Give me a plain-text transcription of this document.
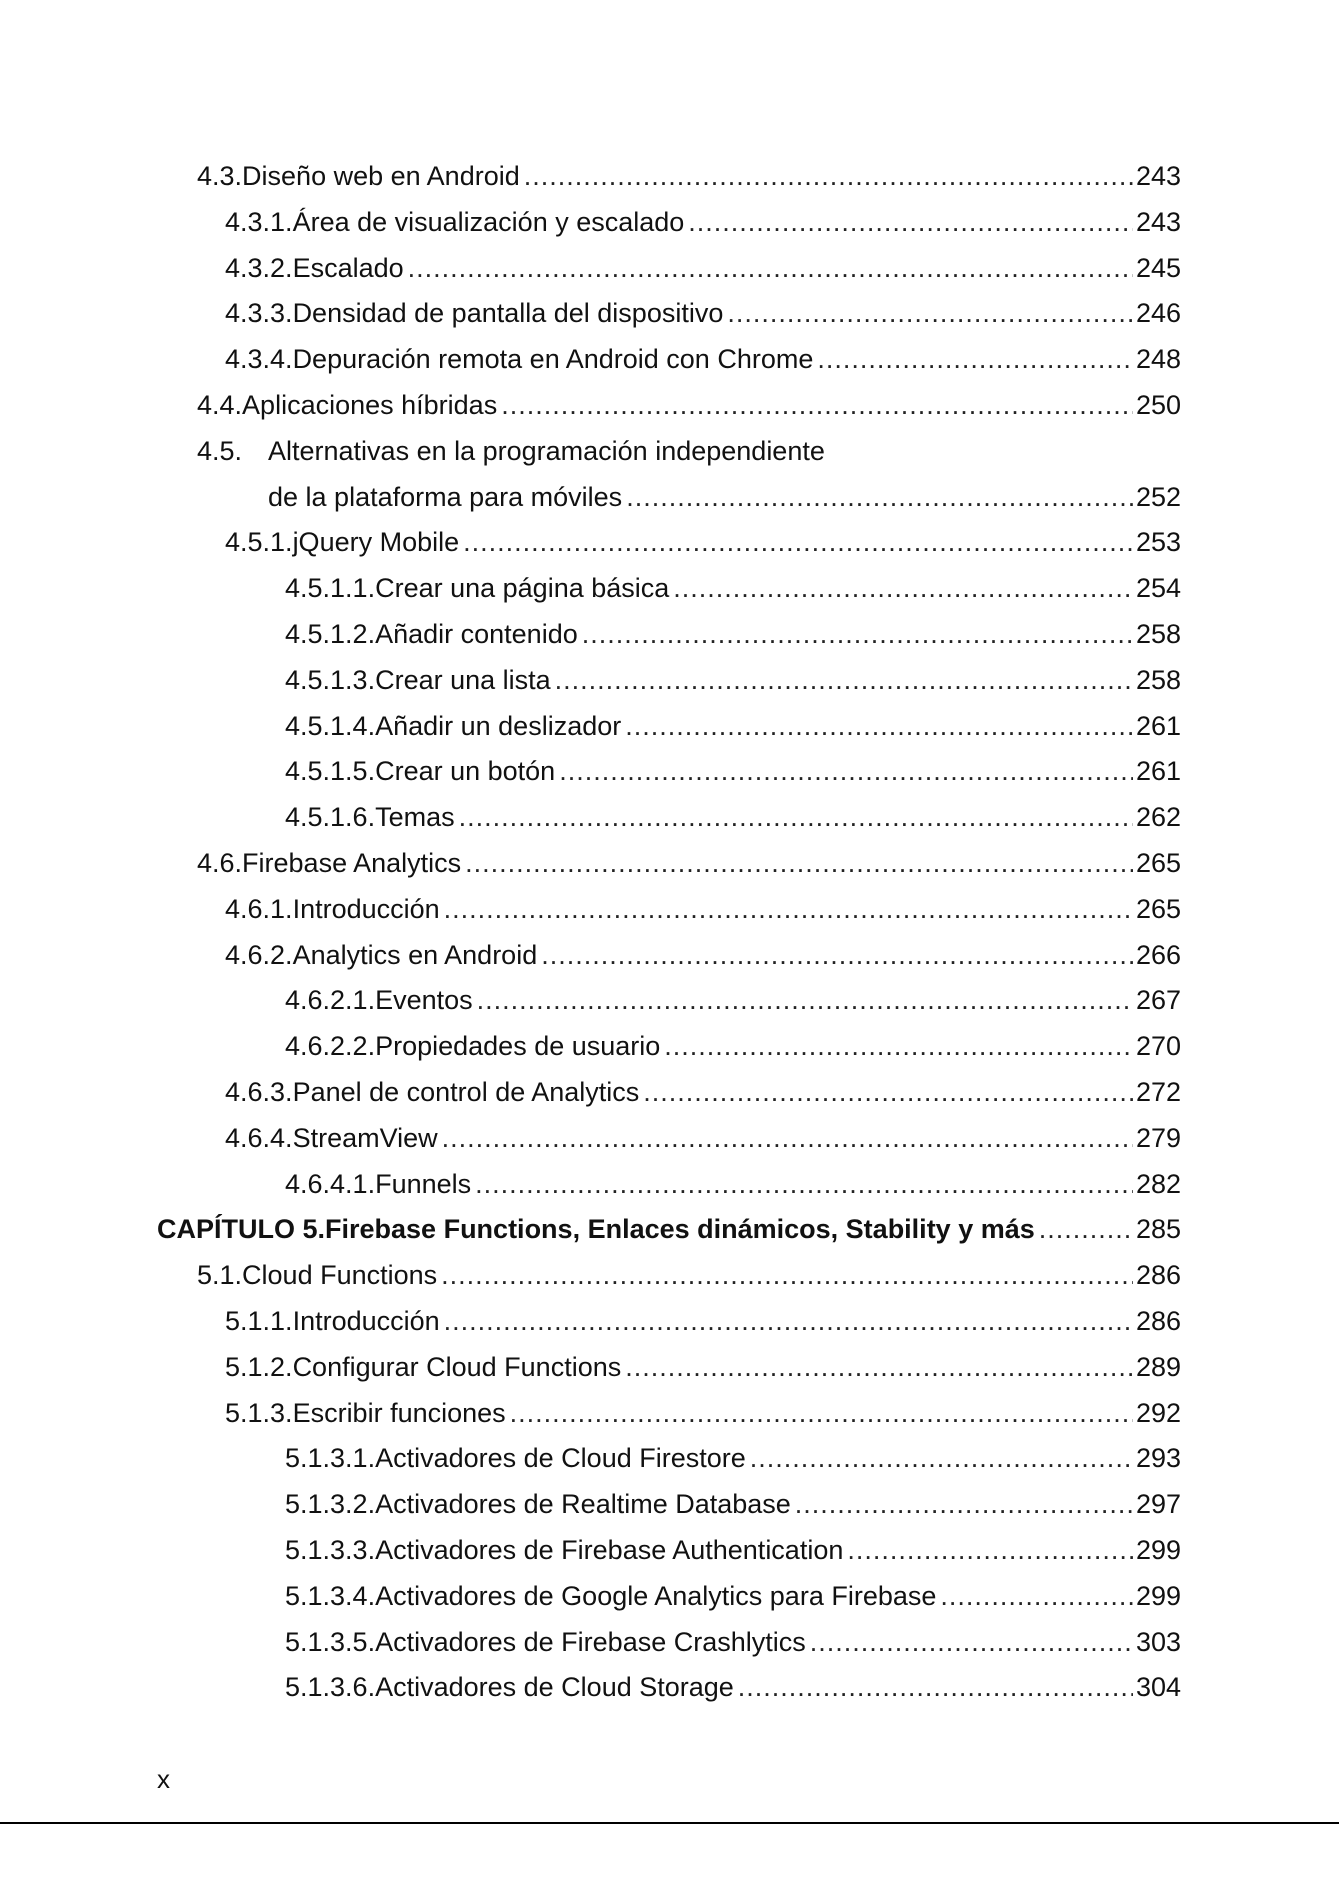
4.3. Diseño web en Android .....	243
4.3.1. Área de visualización y escalado .....	243
4.3.2. Escalado .....	245
4.3.3. Densidad de pantalla del dispositivo .....	246
4.3.4. Depuración remota en Android con Chrome .....	248
4.4. Aplicaciones híbridas .....	250
4.5. Alternativas en la programación independiente
de la plataforma para móviles .....	252
4.5.1. jQuery Mobile .....	253
4.5.1.1. Crear una página básica .....	254
4.5.1.2. Añadir contenido .....	258
4.5.1.3. Crear una lista .....	258
4.5.1.4. Añadir un deslizador .....	261
4.5.1.5. Crear un botón .....	261
4.5.1.6. Temas .....	262
4.6. Firebase Analytics .....	265
4.6.1. Introducción .....	265
4.6.2. Analytics en Android .....	266
4.6.2.1. Eventos .....	267
4.6.2.2. Propiedades de usuario .....	270
4.6.3. Panel de control de Analytics .....	272
4.6.4. StreamView .....	279
4.6.4.1. Funnels .....	282
CAPÍTULO 5. Firebase Functions, Enlaces dinámicos, Stability y más .....	285
5.1. Cloud Functions .....	286
5.1.1. Introducción .....	286
5.1.2. Configurar Cloud Functions .....	289
5.1.3. Escribir funciones .....	292
5.1.3.1. Activadores de Cloud Firestore .....	293
5.1.3.2. Activadores de Realtime Database .....	297
5.1.3.3. Activadores de Firebase Authentication .....	299
5.1.3.4. Activadores de Google Analytics para Firebase .....	299
5.1.3.5. Activadores de Firebase Crashlytics .....	303
5.1.3.6. Activadores de Cloud Storage .....	304
x
